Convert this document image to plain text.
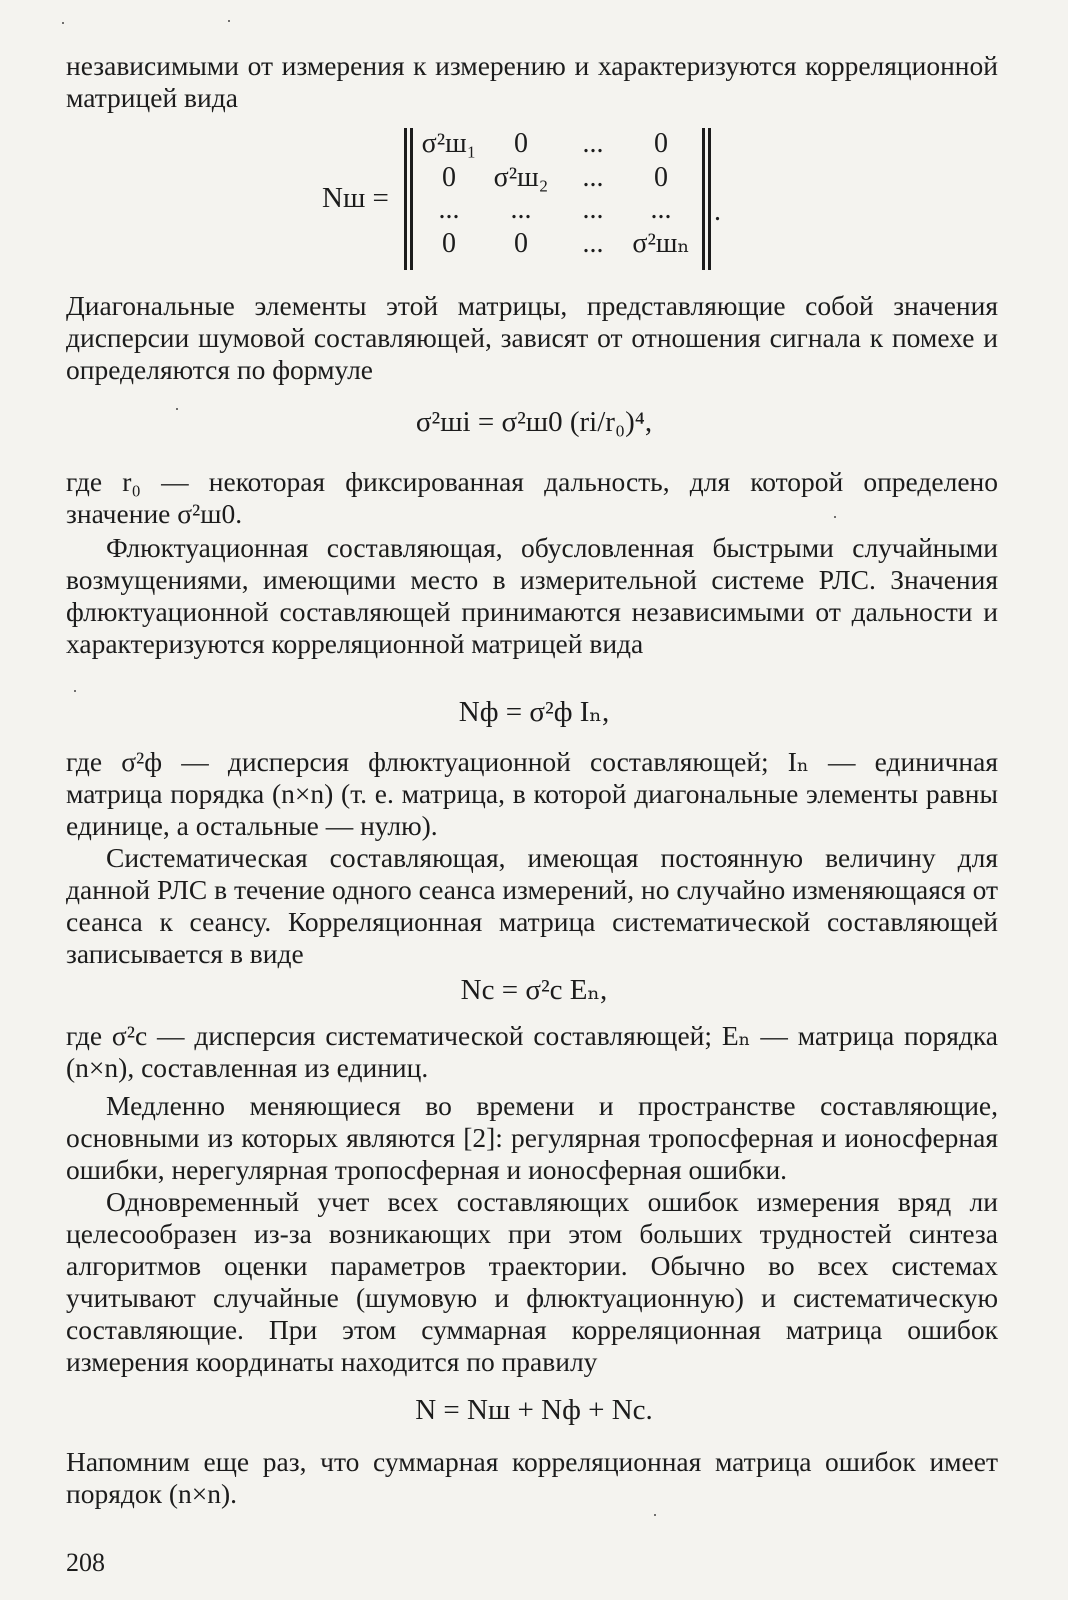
независимыми от измерения к измерению и характеризуются корреляционной матрицей вида

Nш =
σ²ш₁	0	...	0
0	σ²ш₂	...	0
...	...	...	...
0	0	...	σ²шₙ
.

Диагональные элементы этой матрицы, представляющие собой значения дисперсии шумовой составляющей, зависят от отношения сигнала к помехе и определяются по формуле

σ²шi = σ²ш0 (ri/r₀)⁴,

где r₀ — некоторая фиксированная дальность, для которой определено значение σ²ш0.

Флюктуационная составляющая, обусловленная быстрыми случайными возмущениями, имеющими место в измерительной системе РЛС. Значения флюктуационной составляющей принимаются независимыми от дальности и характеризуются корреляционной матрицей вида

Nф = σ²ф Iₙ,

где σ²ф — дисперсия флюктуационной составляющей; Iₙ — единичная матрица порядка (n×n) (т. е. матрица, в которой диагональные элементы равны единице, а остальные — нулю).

Систематическая составляющая, имеющая постоянную величину для данной РЛС в течение одного сеанса измерений, но случайно изменяющаяся от сеанса к сеансу. Корреляционная матрица систематической составляющей записывается в виде

Nс = σ²с Eₙ,

где σ²с — дисперсия систематической составляющей; Eₙ — матрица порядка (n×n), составленная из единиц.

Медленно меняющиеся во времени и пространстве составляющие, основными из которых являются [2]: регулярная тропосферная и ионосферная ошибки, нерегулярная тропосферная и ионосферная ошибки.

Одновременный учет всех составляющих ошибок измерения вряд ли целесообразен из-за возникающих при этом больших трудностей синтеза алгоритмов оценки параметров траектории. Обычно во всех системах учитывают случайные (шумовую и флюктуационную) и систематическую составляющие. При этом суммарная корреляционная матрица ошибок измерения координаты находится по правилу

N = Nш + Nф + Nс.

Напомним еще раз, что суммарная корреляционная матрица ошибок имеет порядок (n×n).

208
